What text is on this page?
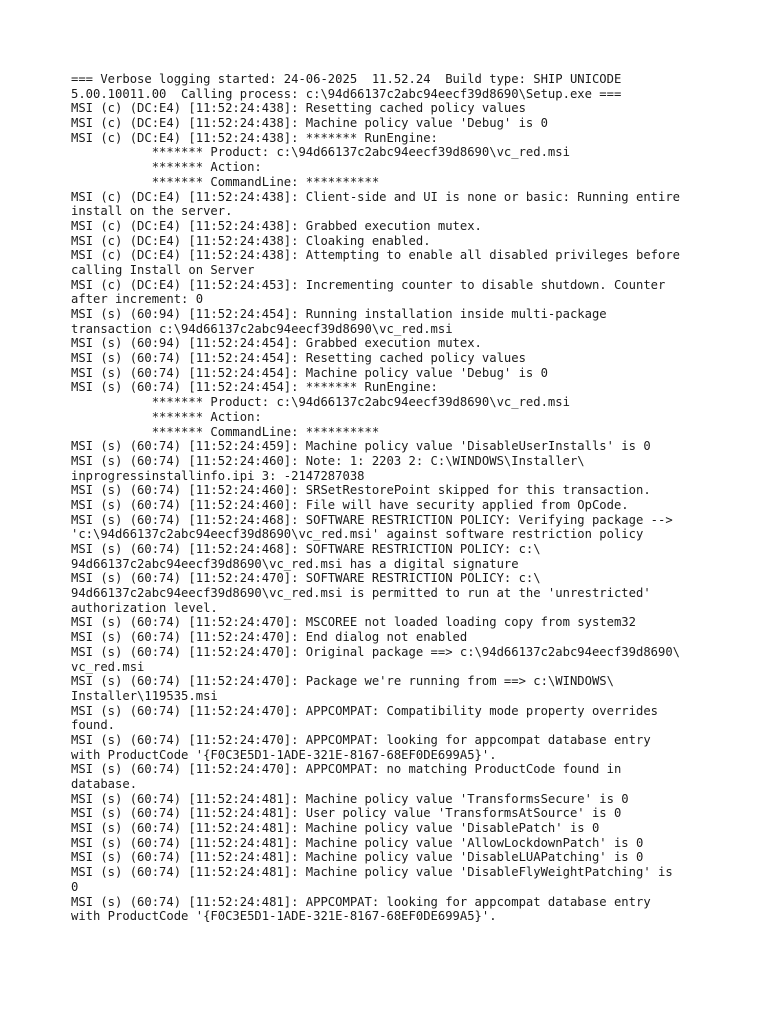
=== Verbose logging started: 24-06-2025  11.52.24  Build type: SHIP UNICODE
5.00.10011.00  Calling process: c:\94d66137c2abc94eecf39d8690\Setup.exe ===
MSI (c) (DC:E4) [11:52:24:438]: Resetting cached policy values
MSI (c) (DC:E4) [11:52:24:438]: Machine policy value 'Debug' is 0
MSI (c) (DC:E4) [11:52:24:438]: ******* RunEngine:
******* Product: c:\94d66137c2abc94eecf39d8690\vc_red.msi
******* Action:
******* CommandLine: **********
MSI (c) (DC:E4) [11:52:24:438]: Client-side and UI is none or basic: Running entire
install on the server.
MSI (c) (DC:E4) [11:52:24:438]: Grabbed execution mutex.
MSI (c) (DC:E4) [11:52:24:438]: Cloaking enabled.
MSI (c) (DC:E4) [11:52:24:438]: Attempting to enable all disabled privileges before
calling Install on Server
MSI (c) (DC:E4) [11:52:24:453]: Incrementing counter to disable shutdown. Counter
after increment: 0
MSI (s) (60:94) [11:52:24:454]: Running installation inside multi-package
transaction c:\94d66137c2abc94eecf39d8690\vc_red.msi
MSI (s) (60:94) [11:52:24:454]: Grabbed execution mutex.
MSI (s) (60:74) [11:52:24:454]: Resetting cached policy values
MSI (s) (60:74) [11:52:24:454]: Machine policy value 'Debug' is 0
MSI (s) (60:74) [11:52:24:454]: ******* RunEngine:
******* Product: c:\94d66137c2abc94eecf39d8690\vc_red.msi
******* Action:
******* CommandLine: **********
MSI (s) (60:74) [11:52:24:459]: Machine policy value 'DisableUserInstalls' is 0
MSI (s) (60:74) [11:52:24:460]: Note: 1: 2203 2: C:\WINDOWS\Installer\
inprogressinstallinfo.ipi 3: -2147287038
MSI (s) (60:74) [11:52:24:460]: SRSetRestorePoint skipped for this transaction.
MSI (s) (60:74) [11:52:24:460]: File will have security applied from OpCode.
MSI (s) (60:74) [11:52:24:468]: SOFTWARE RESTRICTION POLICY: Verifying package -->
'c:\94d66137c2abc94eecf39d8690\vc_red.msi' against software restriction policy
MSI (s) (60:74) [11:52:24:468]: SOFTWARE RESTRICTION POLICY: c:\
94d66137c2abc94eecf39d8690\vc_red.msi has a digital signature
MSI (s) (60:74) [11:52:24:470]: SOFTWARE RESTRICTION POLICY: c:\
94d66137c2abc94eecf39d8690\vc_red.msi is permitted to run at the 'unrestricted'
authorization level.
MSI (s) (60:74) [11:52:24:470]: MSCOREE not loaded loading copy from system32
MSI (s) (60:74) [11:52:24:470]: End dialog not enabled
MSI (s) (60:74) [11:52:24:470]: Original package ==> c:\94d66137c2abc94eecf39d8690\
vc_red.msi
MSI (s) (60:74) [11:52:24:470]: Package we're running from ==> c:\WINDOWS\
Installer\119535.msi
MSI (s) (60:74) [11:52:24:470]: APPCOMPAT: Compatibility mode property overrides
found.
MSI (s) (60:74) [11:52:24:470]: APPCOMPAT: looking for appcompat database entry
with ProductCode '{F0C3E5D1-1ADE-321E-8167-68EF0DE699A5}'.
MSI (s) (60:74) [11:52:24:470]: APPCOMPAT: no matching ProductCode found in
database.
MSI (s) (60:74) [11:52:24:481]: Machine policy value 'TransformsSecure' is 0
MSI (s) (60:74) [11:52:24:481]: User policy value 'TransformsAtSource' is 0
MSI (s) (60:74) [11:52:24:481]: Machine policy value 'DisablePatch' is 0
MSI (s) (60:74) [11:52:24:481]: Machine policy value 'AllowLockdownPatch' is 0
MSI (s) (60:74) [11:52:24:481]: Machine policy value 'DisableLUAPatching' is 0
MSI (s) (60:74) [11:52:24:481]: Machine policy value 'DisableFlyWeightPatching' is
0
MSI (s) (60:74) [11:52:24:481]: APPCOMPAT: looking for appcompat database entry
with ProductCode '{F0C3E5D1-1ADE-321E-8167-68EF0DE699A5}'.
